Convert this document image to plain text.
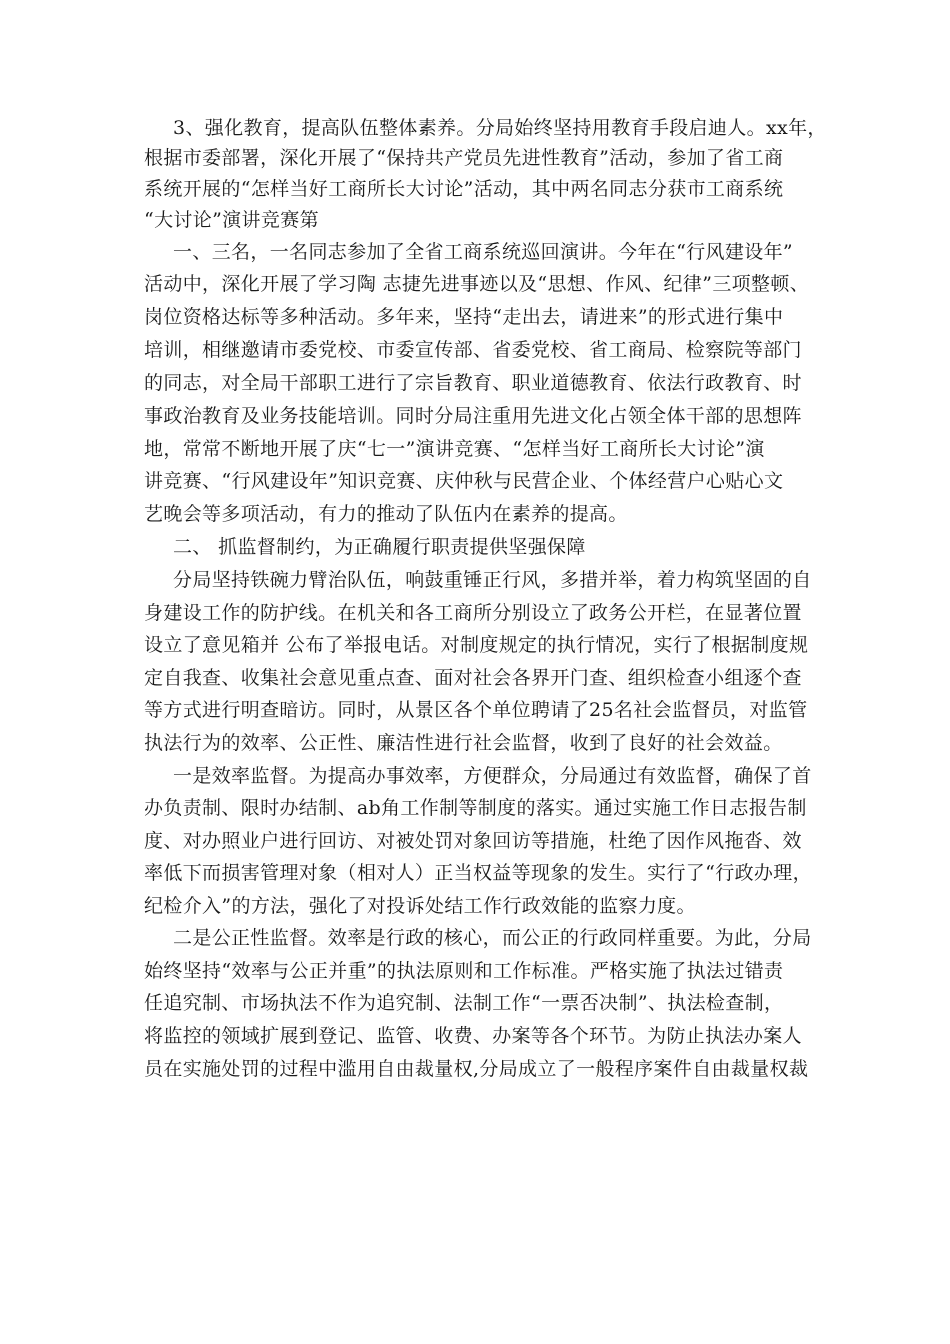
3、强化教育，提高队伍整体素养。分局始终坚持用教育手段启迪人。xx年，
根据市委部署，深化开展了“保持共产党员先进性教育”活动，参加了省工商
系统开展的“怎样当好工商所长大讨论”活动，其中两名同志分获市工商系统
“大讨论”演讲竞赛第
一、三名，一名同志参加了全省工商系统巡回演讲。今年在“行风建设年”
活动中，深化开展了学习陶 志捷先进事迹以及“思想、作风、纪律”三项整顿、
岗位资格达标等多种活动。多年来，坚持“走出去，请进来”的形式进行集中
培训，相继邀请市委党校、市委宣传部、省委党校、省工商局、检察院等部门
的同志，对全局干部职工进行了宗旨教育、职业道德教育、依法行政教育、时
事政治教育及业务技能培训。同时分局注重用先进文化占领全体干部的思想阵
地，常常不断地开展了庆“七一”演讲竞赛、“怎样当好工商所长大讨论”演
讲竞赛、“行风建设年”知识竞赛、庆仲秋与民营企业、个体经营户心贴心文
艺晚会等多项活动，有力的推动了队伍内在素养的提高。
二、 抓监督制约，为正确履行职责提供坚强保障
分局坚持铁碗力臂治队伍，响鼓重锤正行风，多措并举，着力构筑坚固的自
身建设工作的防护线。在机关和各工商所分别设立了政务公开栏，在显著位置
设立了意见箱并 公布了举报电话。对制度规定的执行情况，实行了根据制度规
定自我查、收集社会意见重点查、面对社会各界开门查、组织检查小组逐个查
等方式进行明查暗访。同时，从景区各个单位聘请了25名社会监督员，对监管
执法行为的效率、公正性、廉洁性进行社会监督，收到了良好的社会效益。
一是效率监督。为提高办事效率，方便群众，分局通过有效监督，确保了首
办负责制、限时办结制、ab角工作制等制度的落实。通过实施工作日志报告制
度、对办照业户进行回访、对被处罚对象回访等措施，杜绝了因作风拖沓、效
率低下而损害管理对象（相对人）正当权益等现象的发生。实行了“行政办理，
纪检介入”的方法，强化了对投诉处结工作行政效能的监察力度。
二是公正性监督。效率是行政的核心，而公正的行政同样重要。为此，分局
始终坚持“效率与公正并重”的执法原则和工作标准。严格实施了执法过错责
任追究制、市场执法不作为追究制、法制工作“一票否决制”、执法检查制，
将监控的领域扩展到登记、监管、收费、办案等各个环节。为防止执法办案人
员在实施处罚的过程中滥用自由裁量权,分局成立了一般程序案件自由裁量权裁
